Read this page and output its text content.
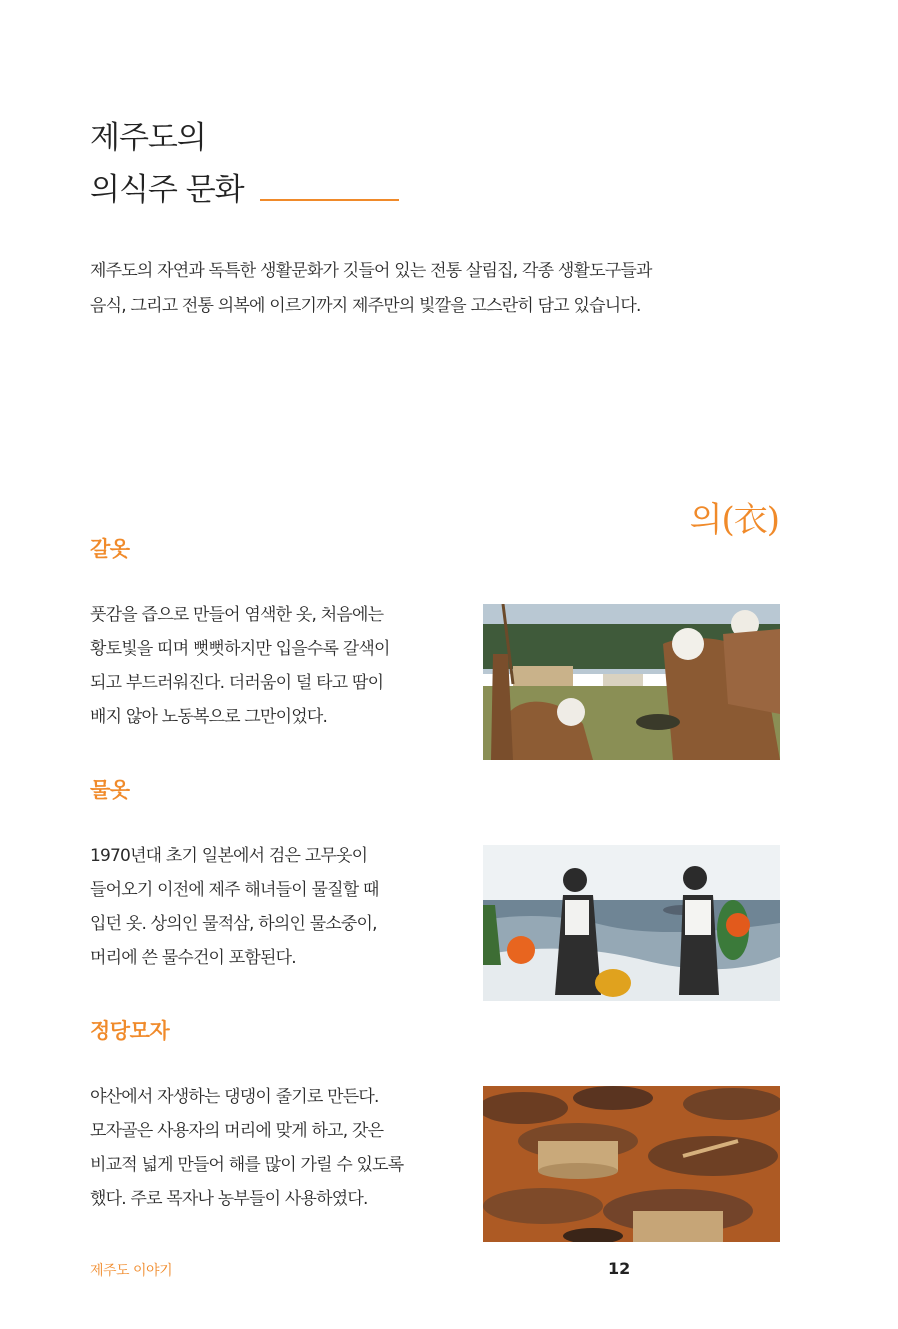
제주도의
의식주 문화

제주도의 자연과 독특한 생활문화가 깃들어 있는 전통 살림집, 각종 생활도구들과
음식, 그리고 전통 의복에 이르기까지 제주만의 빛깔을 고스란히 담고 있습니다.

의(衣)
갈옷

풋감을 즙으로 만들어 염색한 옷, 처음에는
황토빛을 띠며 뻣뻣하지만 입을수록 갈색이
되고 부드러워진다. 더러움이 덜 타고 땀이
배지 않아 노동복으로 그만이었다.

물옷

1970년대 초기 일본에서 검은 고무옷이
들어오기 이전에 제주 해녀들이 물질할 때
입던 옷. 상의인 물적삼, 하의인 물소중이,
머리에 쓴 물수건이 포함된다.

정당모자

야산에서 자생하는 댕댕이 줄기로 만든다.
모자골은 사용자의 머리에 맞게 하고, 갓은
비교적 넓게 만들어 해를 많이 가릴 수 있도록
했다. 주로 목자나 농부들이 사용하였다.

제주도 이야기	12
